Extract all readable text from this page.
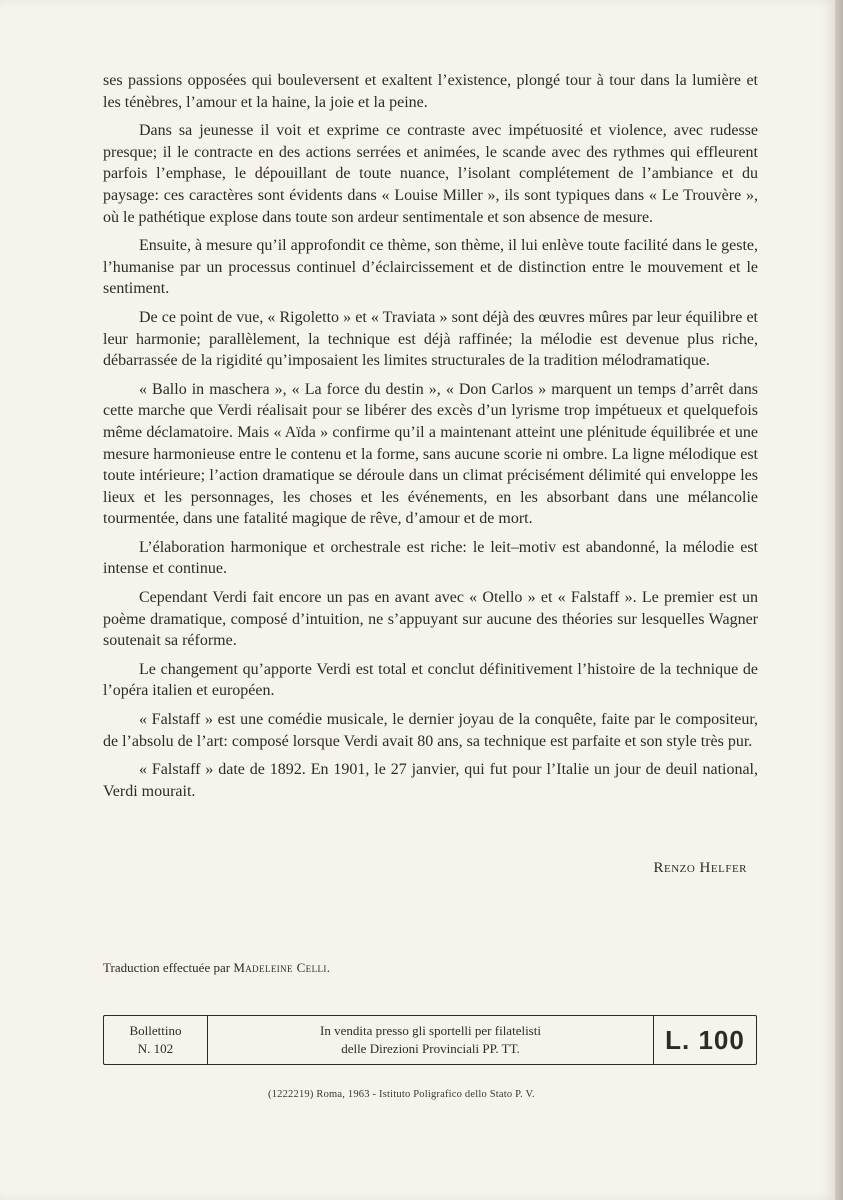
ses passions opposées qui bouleversent et exaltent l’existence, plongé tour à tour dans la lumière et les ténèbres, l’amour et la haine, la joie et la peine.

Dans sa jeunesse il voit et exprime ce contraste avec impétuosité et violence, avec rudesse presque; il le contracte en des actions serrées et animées, le scande avec des rythmes qui effleurent parfois l’emphase, le dépouillant de toute nuance, l’isolant complétement de l’ambiance et du paysage: ces caractères sont évidents dans « Louise Miller », ils sont typiques dans « Le Trouvère », où le pathétique explose dans toute son ardeur sentimentale et son absence de mesure.

Ensuite, à mesure qu’il approfondit ce thème, son thème, il lui enlève toute facilité dans le geste, l’humanise par un processus continuel d’éclaircissement et de distinction entre le mouvement et le sentiment.

De ce point de vue, « Rigoletto » et « Traviata » sont déjà des œuvres mûres par leur équilibre et leur harmonie; parallèlement, la technique est déjà raffinée; la mélodie est devenue plus riche, débarrassée de la rigidité qu’imposaient les limites structurales de la tradition mélodramatique.

« Ballo in maschera », « La force du destin », « Don Carlos » marquent un temps d’arrêt dans cette marche que Verdi réalisait pour se libérer des excès d’un lyrisme trop impétueux et quelquefois même déclamatoire. Mais « Aïda » confirme qu’il a maintenant atteint une plénitude équilibrée et une mesure harmonieuse entre le contenu et la forme, sans aucune scorie ni ombre. La ligne mélodique est toute intérieure; l’action dramatique se déroule dans un climat précisément délimité qui enveloppe les lieux et les personnages, les choses et les événements, en les absorbant dans une mélancolie tourmentée, dans une fatalité magique de rêve, d’amour et de mort.

L’élaboration harmonique et orchestrale est riche: le leit–motiv est abandonné, la mélodie est intense et continue.

Cependant Verdi fait encore un pas en avant avec « Otello » et « Falstaff ». Le premier est un poème dramatique, composé d’intuition, ne s’appuyant sur aucune des théories sur lesquelles Wagner soutenait sa réforme.

Le changement qu’apporte Verdi est total et conclut définitivement l’histoire de la technique de l’opéra italien et européen.

« Falstaff » est une comédie musicale, le dernier joyau de la conquête, faite par le compositeur, de l’absolu de l’art: composé lorsque Verdi avait 80 ans, sa technique est parfaite et son style très pur.

« Falstaff » date de 1892. En 1901, le 27 janvier, qui fut pour l’Italie un jour de deuil national, Verdi mourait.

Renzo Helfer
Traduction effectuée par Madeleine Celli.
Bollettino
N. 102
In vendita presso gli sportelli per filatelisti
delle Direzioni Provinciali PP. TT.	L. 100
(1222219) Roma, 1963 - Istituto Poligrafico dello Stato P. V.
